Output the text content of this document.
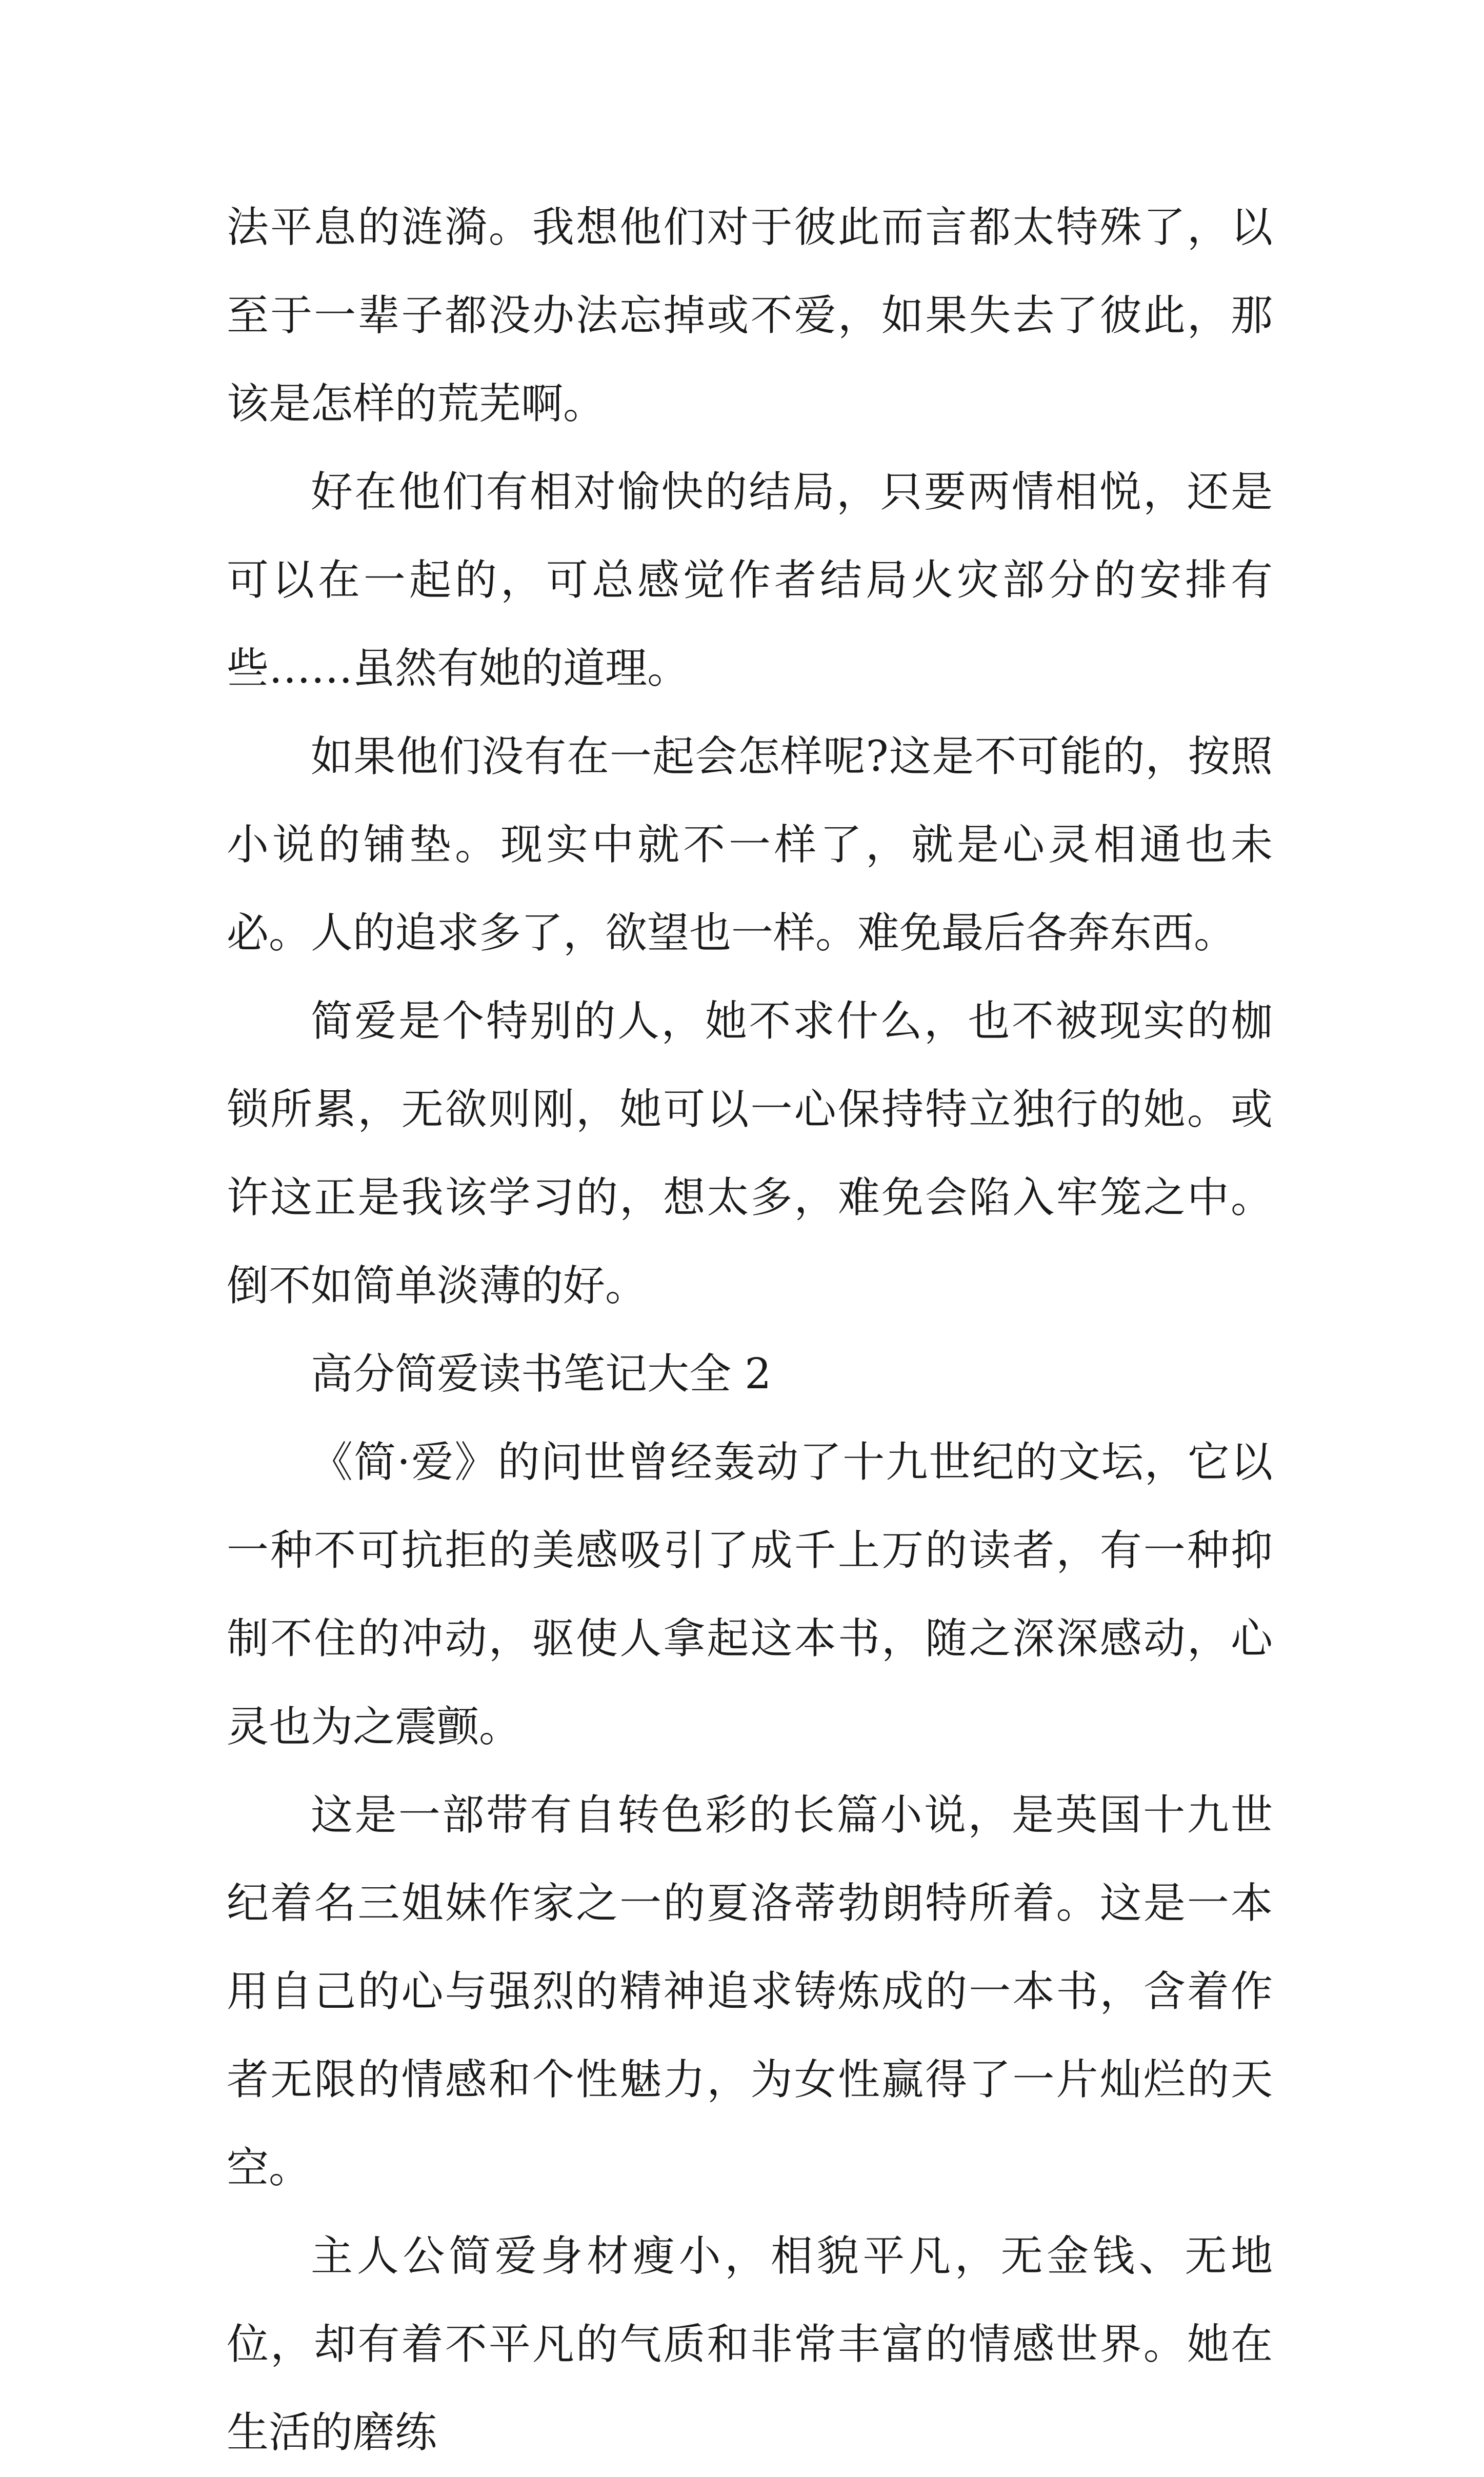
法平息的涟漪。我想他们对于彼此而言都太特殊了，以至于一辈子都没办法忘掉或不爱，如果失去了彼此，那该是怎样的荒芜啊。

好在他们有相对愉快的结局，只要两情相悦，还是可以在一起的，可总感觉作者结局火灾部分的安排有些……虽然有她的道理。

如果他们没有在一起会怎样呢?这是不可能的，按照小说的铺垫。现实中就不一样了，就是心灵相通也未必。人的追求多了，欲望也一样。难免最后各奔东西。

简爱是个特别的人，她不求什么，也不被现实的枷锁所累，无欲则刚，她可以一心保持特立独行的她。或许这正是我该学习的，想太多，难免会陷入牢笼之中。倒不如简单淡薄的好。

高分简爱读书笔记大全 2

《简·爱》的问世曾经轰动了十九世纪的文坛，它以一种不可抗拒的美感吸引了成千上万的读者，有一种抑制不住的冲动，驱使人拿起这本书，随之深深感动，心灵也为之震颤。

这是一部带有自转色彩的长篇小说，是英国十九世纪着名三姐妹作家之一的夏洛蒂勃朗特所着。这是一本用自己的心与强烈的精神追求铸炼成的一本书，含着作者无限的情感和个性魅力，为女性赢得了一片灿烂的天空。

主人公简爱身材瘦小，相貌平凡，无金钱、无地位，却有着不平凡的气质和非常丰富的情感世界。她在生活的磨练
